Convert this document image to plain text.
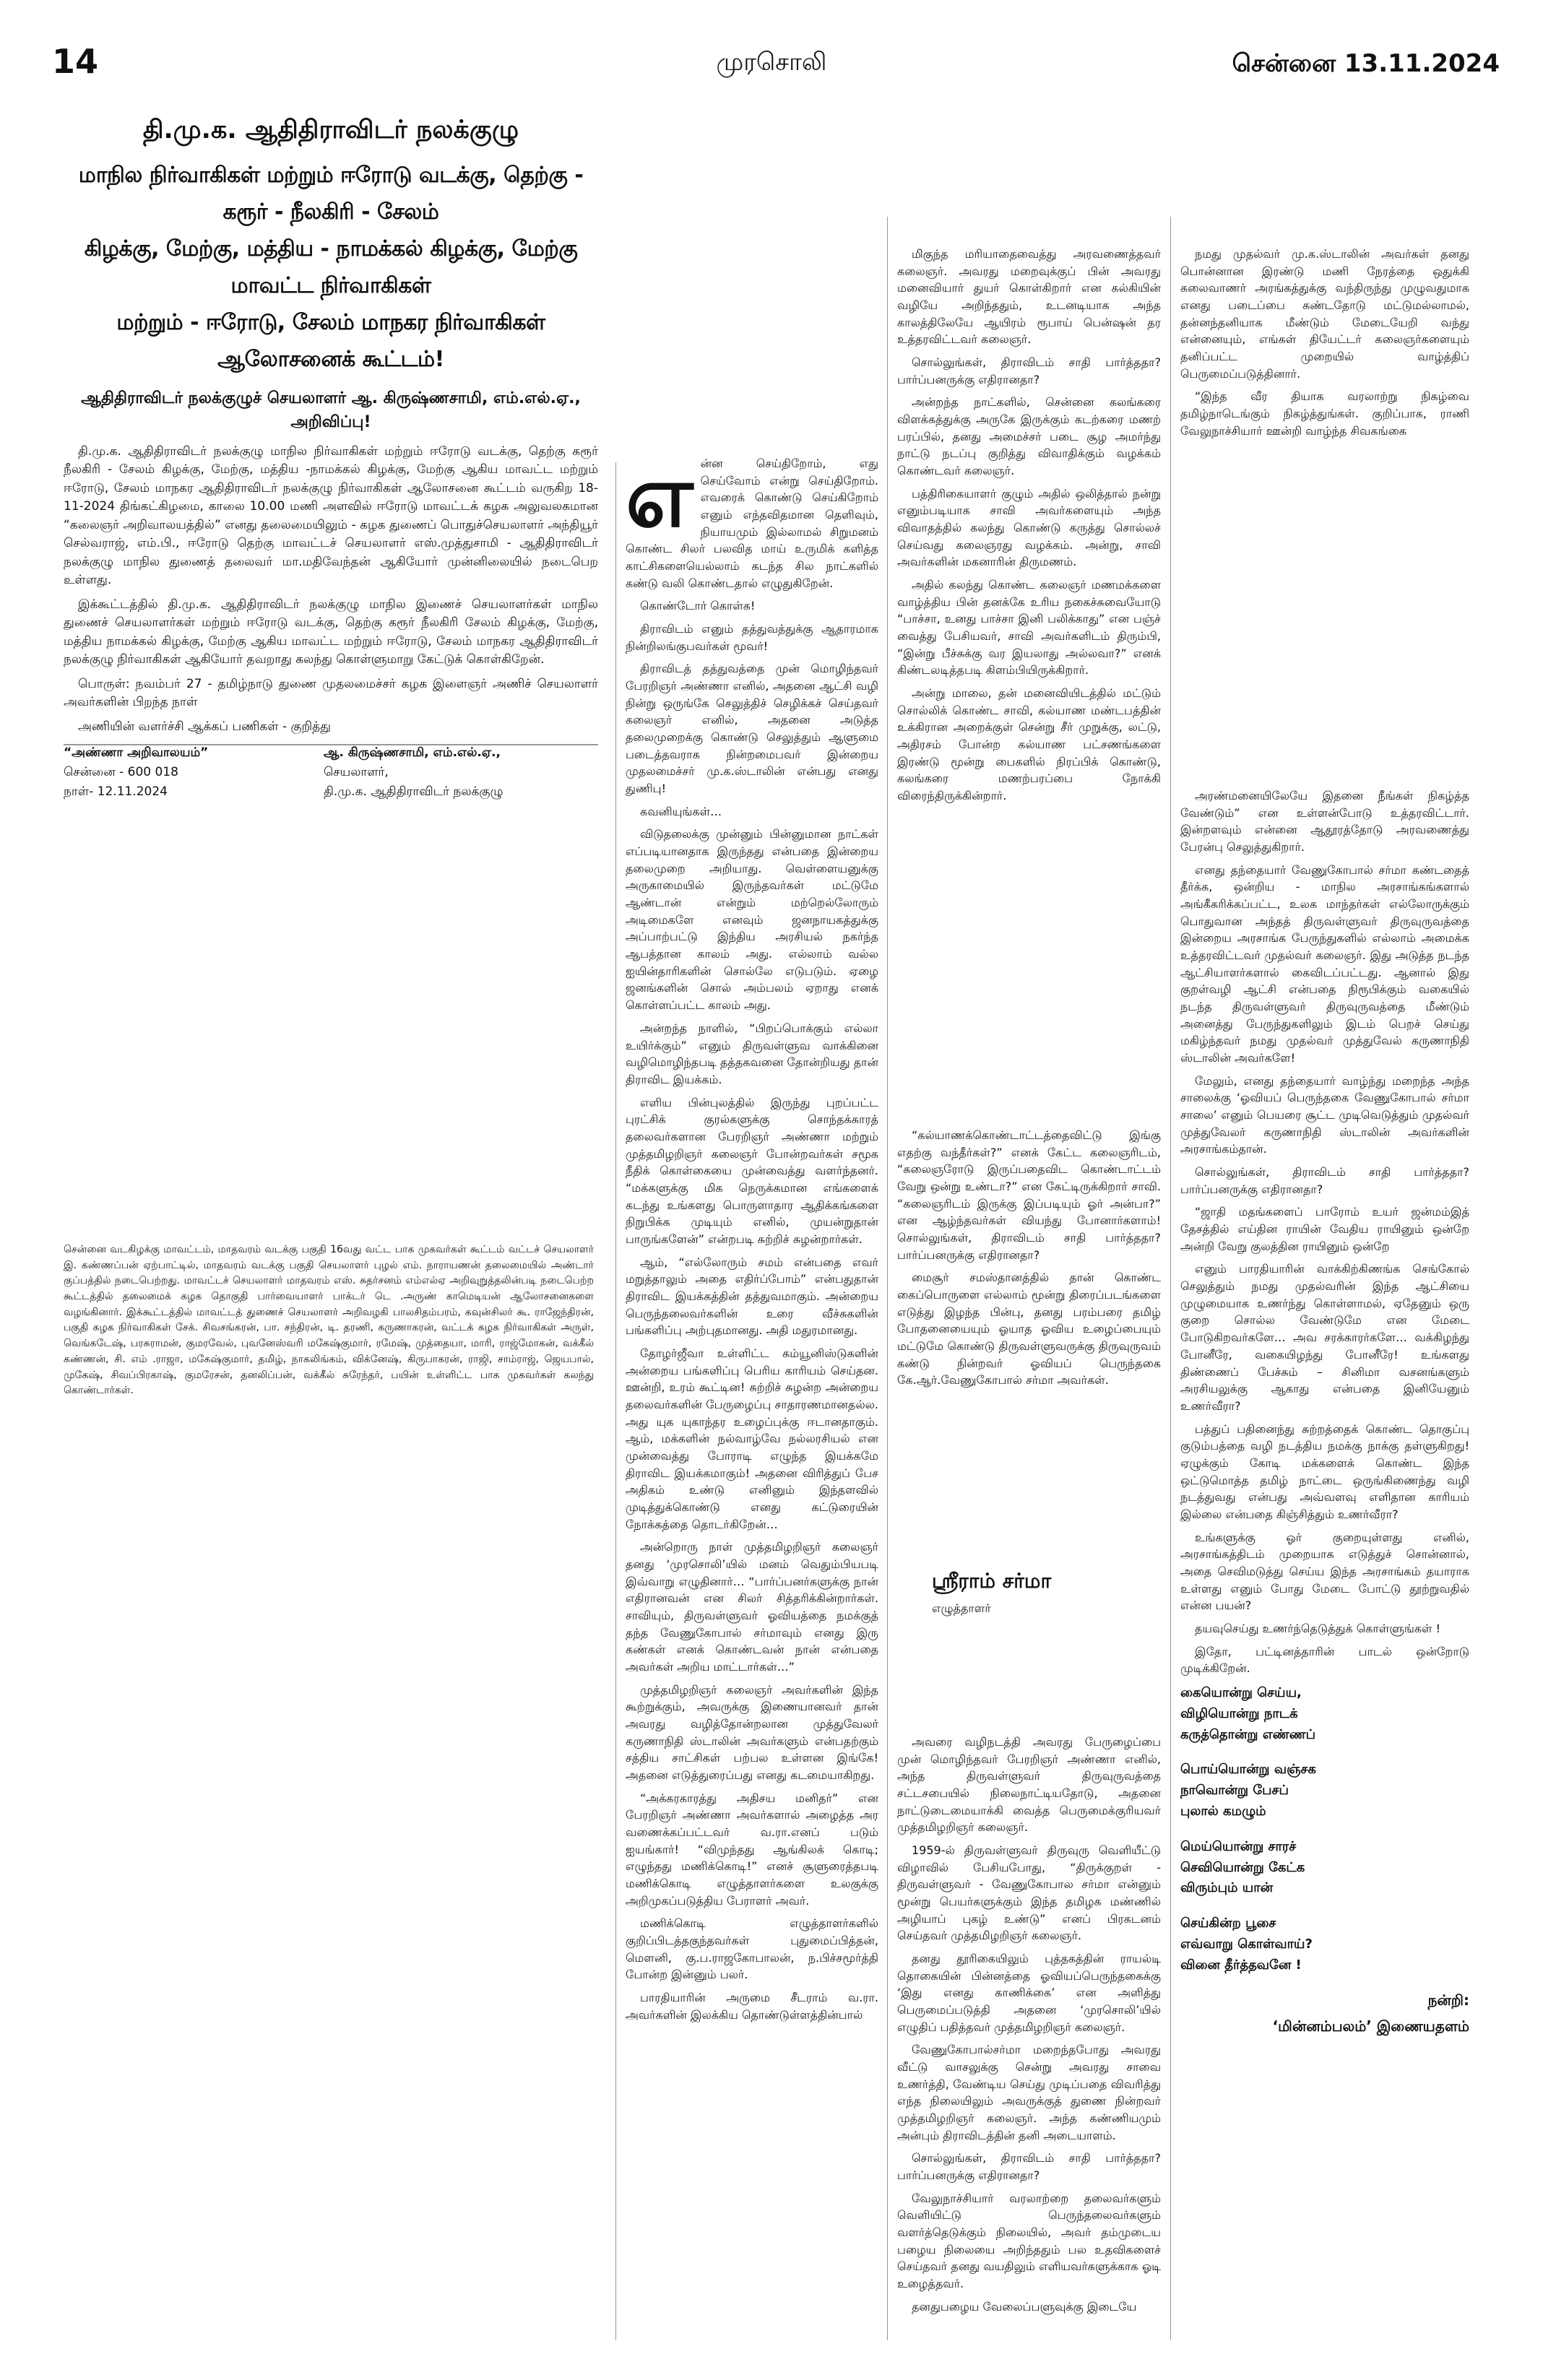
14	முரசொலி	சென்னை 13.11.2024
தி.மு.க. ஆதிதிராவிடர் நலக்குழு
மாநில நிர்வாகிகள் மற்றும் ஈரோடு வடக்கு, தெற்கு - கரூர் - நீலகிரி - சேலம்
கிழக்கு, மேற்கு, மத்திய - நாமக்கல் கிழக்கு, மேற்கு மாவட்ட நிர்வாகிகள்
மற்றும் - ஈரோடு, சேலம் மாநகர நிர்வாகிகள் ஆலோசனைக் கூட்டம்!
ஆதிதிராவிடர் நலக்குழுச் செயலாளர் ஆ. கிருஷ்ணசாமி, எம்.எல்.ஏ., அறிவிப்பு!

தி.மு.க. ஆதிதிராவிடர் நலக்குழு மாநில நிர்வாகிகள் மற்றும் ஈரோடு வடக்கு, தெற்கு கரூர் நீலகிரி - சேலம் கிழக்கு, மேற்கு, மத்திய -நாமக்கல் கிழக்கு, மேற்கு ஆகிய மாவட்ட மற்றும் ஈரோடு, சேலம் மாநகர ஆதிதிராவிடர் நலக்குழு நிர்வாகிகள் ஆலோசனை கூட்டம் வருகிற 18-11-2024 திங்கட்கிழமை, காலை 10.00 மணி அளவில் ஈரோடு மாவட்டக் கழக அலுவலகமான “கலைஞர் அறிவாலயத்தில்” எனது தலைமையிலும் - கழக துணைப் பொதுச்செயலாளர் அந்தியூர் செல்வராஜ், எம்.பி., ஈரோடு தெற்கு மாவட்டச் செயலாளர் எஸ்.முத்துசாமி - ஆதிதிராவிடர் நலக்குழு மாநில துணைத் தலைவர் மா.மதிவேந்தன் ஆகியோர் முன்னிலையில் நடைபெற உள்ளது.

இக்கூட்டத்தில் தி.மு.க. ஆதிதிராவிடர் நலக்குழு மாநில இணைச் செயலாளர்கள் மாநில துணைச் செயலாளர்கள் மற்றும் ஈரோடு வடக்கு, தெற்கு கரூர் நீலகிரி சேலம் கிழக்கு, மேற்கு, மத்திய நாமக்கல் கிழக்கு, மேற்கு ஆகிய மாவட்ட மற்றும் ஈரோடு, சேலம் மாநகர ஆதிதிராவிடர் நலக்குழு நிர்வாகிகள் ஆகியோர் தவறாது கலந்து கொள்ளுமாறு கேட்டுக் கொள்கிறேன்.

பொருள்: நவம்பர் 27 - தமிழ்நாடு துணை முதலமைச்சர் கழக இளைஞர் அணிச் செயலாளர் அவர்களின் பிறந்த நாள்

அணியின் வளர்ச்சி ஆக்கப் பணிகள் - குறித்து

“அண்ணா அறிவாலயம்”
சென்னை - 600 018
நாள்- 12.11.2024
ஆ. கிருஷ்ணசாமி, எம்.எல்.ஏ.,
செயலாளர்,
தி.மு.க. ஆதிதிராவிடர் நலக்குழு
சென்னை வடகிழக்கு மாவட்டம், மாதவரம் வடக்கு பகுதி 16வது வட்ட பாக முகவர்கள் கூட்டம் வட்டச் செயலாளர் இ. கண்ணப்பன் ஏற்பாட்டில், மாதவரம் வடக்கு பகுதி செயலாளர் புழல் எம். நாராயணன் தலைமையில் அண்டார் குப்பத்தில் நடைபெற்றது. மாவட்டச் செயலாளர் மாதவரம் எஸ். சுதர்சனம் எம்எல்ஏ அறிவுறுத்தலின்படி நடைபெற்ற கூட்டத்தில் தலைமைக் கழக தொகுதி பார்வையாளர் பாக்டர் டெ .அருண் காமெடியன் ஆலோசனைகளை வழங்கினார். இக்கூட்டத்தில் மாவட்டத் துணைச் செயலாளர் அறிவழகி பாலசிதம்பரம், கவுன்சிலர் கூ. ராஜேந்திரன், பகுதி கழக நிர்வாகிகள் சேக். சிவசங்கரன், பா. சந்திரன், டி. தரணி, கருணாகரன், வட்டக் கழக நிர்வாகிகள் அருள், வெங்கடேஷ், பரசுராமன், குமரவேல், புவனேஸ்வரி மகேஷ்குமார், ரமேஷ், முத்தையா, மாரி, ராஜ்மோகன், வக்கீல் கண்ணன், சி. எம் .ராஜா, மகேஷ்குமார், தமிழ், நாகலிங்கம், விக்னேஷ், கிருபாகரன், ராஜி, சாம்ராஜ், ஜெயபால், முகேஷ், சிவப்பிரகாஷ், குமரேசன், தனலிப்பன், வக்கீல் சுரேந்தர், பயின் உள்ளிட்ட பாக முகவர்கள் கலந்து கொண்டார்கள்.

என்ன செய்திறோம், எது செய்வோம் என்று செய்திறோம். எவரைக் கொண்டு செய்கிறோம் எனும் எந்தவிதமான தெளிவும், நியாயமும் இல்லாமல் சிறுமனம் கொண்ட சிலர் பலவித மாய் உருமிக் களித்த காட்சிகளையெல்லாம் கடந்த சில நாட்களில் கண்டு வலி கொண்டதால் எழுதுகிறேன்.

கொண்டோர் கொள்க!

திராவிடம் எனும் தத்துவத்துக்கு ஆதாரமாக நின்றிலங்குபவர்கள் மூவர்!

திராவிடத் தத்துவத்தை முன் மொழிந்தவர் பேரறிஞர் அண்ணா எனில், அதனை ஆட்சி வழி நின்று ஒருங்கே செலுத்திச் செழிக்கச் செய்தவர் கலைஞர் எனில், அதனை அடுத்த தலைமுறைக்கு கொண்டு செலுத்தும் ஆளுமை படைத்தவராக நின்றமைபவர் இன்றைய முதலமைச்சர் மு.க.ஸ்டாலின் என்பது எனது துணிபு!

கவனியுங்கள்…

விடுதலைக்கு முன்னும் பின்னுமான நாட்கள் எப்படியானதாக இருந்தது என்பதை இன்றைய தலைமுறை அறியாது. வெள்ளையனுக்கு அருகாமையில் இருந்தவர்கள் மட்டுமே ஆண்டான் என்றும் மற்றெல்லோரும் அடிமைகளே எனவும் ஜனநாயகத்துக்கு அப்பாற்பட்டு இந்திய அரசியல் நகர்ந்த ஆபத்தான காலம் அது. எல்லாம் வல்ல ஐயின்தாரிகளின் சொல்லே எடுபடும். ஏழை ஜனங்களின் சொல் அம்பலம் ஏறாது எனக் கொள்ளப்பட்ட காலம் அது.

அன்றந்த நாளில், “பிறப்பொக்கும் எல்லா உயிர்க்கும்” எனும் திருவள்ளுவ வாக்கினை வழிமொழிந்தபடி தத்தகவனை தோன்றியது தான் திராவிட இயக்கம்.

எளிய பின்புலத்தில் இருந்து புறப்பட்ட புரட்சிக் குரல்களுக்கு சொந்தக்காரத் தலைவர்களான பேரறிஞர் அண்ணா மற்றும் முத்தமிழறிஞர் கலைஞர் போன்றவர்கள் சமூக நீதிக் கொள்கையை முன்வைத்து வளர்ந்தனர். “மக்களுக்கு மிக நெருக்கமான எங்களைக் கடந்து உங்களது பொருளாதார ஆதிக்கங்களை நிறுபிக்க முடியும் எனில், முயன்றுதான் பாருங்களேன்” என்றபடி சுற்றிச் சுழன்றார்கள்.

ஆம், “எல்லோரும் சமம் என்பதை எவர் மறுத்தாலும் அதை எதிர்ப்போம்” என்பதுதான் திராவிட இயக்கத்தின் தத்துவமாகும். அன்றைய பெருந்தலைவர்களின் உரை வீச்சுகளின் பங்களிப்பு அற்புதமானது. அதி மதுரமானது.

தோழர்ஜீவா உள்ளிட்ட கம்யூனிஸ்டுகளின் அன்றைய பங்களிப்பு பெரிய காரியம் செய்தன. ஊன்றி, உரம் கூட்டின! சுற்றிச் சுழன்ற அன்றைய தலைவர்களின் பேருழைப்பு சாதாரணமானதல்ல. அது யுக யுகாந்தர உழைப்புக்கு ஈடானதாகும். ஆம், மக்களின் நல்வாழ்வே நல்லரசியல் என முன்வைத்து போராடி எழுந்த இயக்கமே திராவிட இயக்கமாகும்! அதனை விரித்துப் பேச அதிகம் உண்டு எனினும் இந்தளவில் முடித்துக்கொண்டு எனது கட்டுரையின் நோக்கத்தை தொடர்கிறேன்…

அன்றொரு நாள் முத்தமிழறிஞர் கலைஞர் தனது ‘முரசொலி’யில் மனம் வெதும்பியபடி இவ்வாறு எழுதினார்… “பார்ப்பனர்களுக்கு நான் எதிரானவன் என சிலர் சித்தரிக்கின்றார்கள். சாவியும், திருவள்ளுவர் ஓவியத்தை நமக்குத் தந்த வேணுகோபால் சர்மாவும் எனது இரு கண்கள் எனக் கொண்டவன் நான் என்பதை அவர்கள் அறிய மாட்டார்கள்…”

முத்தமிழறிஞர் கலைஞர் அவர்களின் இந்த கூற்றுக்கும், அவருக்கு இணையானவர் தான் அவரது வழித்தோன்றலான முத்துவேலர் கருணாநிதி ஸ்டாலின் அவர்களும் என்பதற்கும் சத்திய சாட்சிகள் பற்பல உள்ளன இங்கே! அதனை எடுத்துரைப்பது எனது கடமையாகிறது.

“அக்கரகாரத்து அதிசய மனிதர்” என பேரறிஞர் அண்ணா அவர்களால் அழைத்த அர வணைக்கப்பட்டவர் வ.ரா.எனப் படும் ஐயங்கார்! “விமுந்தது ஆங்கிலக் கொடி; எழுந்தது மணிக்கொடி!” எனச் சூளுரைத்தபடி மணிக்கொடி எழுத்தாளர்களை உலகுக்கு அறிமுகப்படுத்திய பேராளர் அவர்.

மணிக்கொடி எழுத்தாளர்களில் குறிப்பிடத்தகுந்தவர்கள் புதுமைப்பித்தன், மௌனி, கு.ப.ராஜகோபாலன், ந.பிச்சமூர்த்தி போன்ற இன்னும் பலர்.

பாரதியாரின் அருமை சீடராம் வ.ரா. அவர்களின் இலக்கிய தொண்டுள்ளத்தின்பால்

மிகுந்த மரியாதைவைத்து அரவணைத்தவர் கலைஞர். அவரது மறைவுக்குப் பின் அவரது மனைவியார் துயர் கொள்கிறார் என கல்கியின் வழியே அறிந்ததும், உடனடியாக அந்த காலத்திலேயே ஆயிரம் ரூபாய் பென்ஷன் தர உத்தரவிட்டவர் கலைஞர்.

சொல்லுங்கள், திராவிடம் சாதி பார்த்ததா? பார்ப்பனருக்கு எதிரானதா?

அன்றந்த நாட்களில், சென்னை கலங்கரை விளக்கத்துக்கு அருகே இருக்கும் கடற்கரை மணற் பரப்பில், தனது அமைச்சர் படை சூழ அமர்ந்து நாட்டு நடப்பு குறித்து விவாதிக்கும் வழக்கம் கொண்டவர் கலைஞர்.

பத்திரிகையாளர் குழும் அதில் ஒலித்தால் நன்று எனும்படியாக சாவி அவர்களையும் அந்த விவாதத்தில் கலந்து கொண்டு கருத்து சொல்லச் செய்வது கலைஞரது வழக்கம். அன்று, சாவி அவர்களின் மகனாரின் திருமணம்.

அதில் கலந்து கொண்ட கலைஞர் மணமக்களை வாழ்த்திய பின் தனக்கே உரிய நகைச்சுவையோடு “பாச்சா, உனது பாச்சா இனி பலிக்காது” என பஞ்ச் வைத்து பேசியவர், சாவி அவர்களிடம் திரும்பி, “இன்று பீச்சுக்கு வர இயலாது அல்லவா?” எனக் கிண்டலடித்தபடி கிளம்பியிருக்கிறார்.

அன்று மாலை, தன் மனைவியிடத்தில் மட்டும் சொல்லிக் கொண்ட சாவி, கல்யாண மண்டபத்தின் உக்கிரான அறைக்குள் சென்று சீர் முறுக்கு, லட்டு, அதிரசம் போன்ற கல்யாண பட்சணங்களை இரண்டு மூன்று பைகளில் நிரப்பிக் கொண்டு, கலங்கரை மணற்பரப்பை நோக்கி விரைந்திருக்கின்றார்.

“கல்யாணக்கொண்டாட்டத்தைவிட்டு இங்கு எதற்கு வந்தீர்கள்?” எனக் கேட்ட கலைஞரிடம், “கலைஞரோடு இருப்பதைவிட கொண்டாட்டம் வேறு ஒன்று உண்டா?” என கேட்டிருக்கிறார் சாவி. “கலைஞரிடம் இருக்கு இப்படியும் ஓர் அன்பா?” என ஆழ்ந்தவர்கள் வியந்து போனார்களாம்! சொல்லுங்கள், திராவிடம் சாதி பார்த்ததா? பார்ப்பனருக்கு எதிரானதா?

மைசூர் சமஸ்தானத்தில் தான் கொண்ட கைப்பொருளை எல்லாம் மூன்று திரைப்படங்களை எடுத்து இழந்த பின்பு, தனது பரம்பரை தமிழ் போதனையையும் ஓயாத ஓவிய உழைப்பையும் மட்டுமே கொண்டு திருவள்ளுவருக்கு திருவுருவம் கண்டு நின்றவர் ஓவியப் பெருந்தகை கே.ஆர்.வேணுகோபால் சர்மா அவர்கள்.

ஸ்ரீராம் சர்மா
எழுத்தாளர்

அவரை வழிநடத்தி அவரது பேருழைப்பை முன் மொழிந்தவர் பேரறிஞர் அண்ணா எனில், அந்த திருவள்ளுவர் திருவுருவத்தை சட்டசபையில் நிலைநாட்டியதோடு, அதனை நாட்டுடைமையாக்கி வைத்த பெருமைக்குரியவர் முத்தமிழறிஞர் கலைஞர்.

1959-ல் திருவள்ளுவர் திருவுரு வெளியீட்டு விழாவில் பேசியபோது, “திருக்குறள் - திருவள்ளுவர் - வேணுகோபால சர்மா என்னும் மூன்று பெயர்களுக்கும் இந்த தமிழக மண்ணில் அழியாப் புகழ் உண்டு” எனப் பிரகடனம் செய்தவர் முத்தமிழறிஞர் கலைஞர்.

தனது தூரிகையிலும் புத்தகத்தின் ராயல்டி தொகையின் பின்னத்தை ஓவியப்பெருந்தகைக்கு ‘இது எனது காணிக்கை’ என அளித்து பெருமைப்படுத்தி அதனை ‘முரசொலி’யில் எழுதிப் பதித்தவர் முத்தமிழறிஞர் கலைஞர்.

வேணுகோபால்சர்மா மறைந்தபோது அவரது வீட்டு வாசலுக்கு சென்று அவரது சாவை உணர்த்தி, வேண்டிய செய்து முடிப்பதை விவரித்து எந்த நிலையிலும் அவருக்குத் துணை நின்றவர் முத்தமிழறிஞர் கலைஞர். அந்த கண்ணியமும் அன்பும் திராவிடத்தின் தனி அடையாளம்.

சொல்லுங்கள், திராவிடம் சாதி பார்த்ததா? பார்ப்பனருக்கு எதிரானதா?

வேலுநாச்சியார் வரலாற்றை தலைவர்களும் வெளியிட்டு பெருந்தலைவர்களும் வளர்த்தெடுக்கும் நிலையில், அவர் தம்முடைய பழைய நிலையை அறிந்ததும் பல உதவிகளைச் செய்தவர் தனது வயதிலும் எளியவர்களுக்காக ஓடி உழைத்தவர்.

தனதுபழைய வேலைப்பளுவுக்கு இடையே

நமது முதல்வர் மு.க.ஸ்டாலின் அவர்கள் தனது பொன்னான இரண்டு மணி நேரத்தை ஒதுக்கி கலைவாணர் அரங்கத்துக்கு வந்திருந்து முழுவதுமாக எனது படைப்பை கண்டதோடு மட்டுமல்லாமல், தன்னந்தனியாக மீண்டும் மேடையேறி வந்து என்னையும், எங்கள் தியேட்டர் கலைஞர்களையும் தனிப்பட்ட முறையில் வாழ்த்திப் பெருமைப்படுத்தினார்.

“இந்த வீர தியாக வரலாற்று நிகழ்வை தமிழ்நாடெங்கும் நிகழ்த்துங்கள். குறிப்பாக, ராணி வேலுநாச்சியார் ஊன்றி வாழ்ந்த சிவகங்கை

அரண்மனையிலேயே இதனை நீங்கள் நிகழ்த்த வேண்டும்” என உள்ளன்போடு உத்தரவிட்டார். இன்றளவும் என்னை ஆதூரத்தோடு அரவணைத்து பேரன்பு செலுத்துகிறார்.

எனது தந்தையார் வேணுகோபால் சர்மா கண்டதைத் தீர்க்க, ஒன்றிய - மாநில அரசாங்கங்களால் அங்கீகரிக்கப்பட்ட, உலக மாந்தர்கள் எல்லோருக்கும் பொதுவான அந்தத் திருவள்ளுவர் திருவுருவத்தை இன்றைய அரசாங்க பேருந்துகளில் எல்லாம் அமைக்க உத்தரவிட்டவர் முதல்வர் கலைஞர். இது அடுத்த நடந்த ஆட்சியாளர்களால் கைவிடப்பட்டது. ஆனால் இது குறள்வழி ஆட்சி என்பதை நிரூபிக்கும் வகையில் நடந்த திருவள்ளுவர் திருவுருவத்தை மீண்டும் அனைத்து பேருந்துகளிலும் இடம் பெறச் செய்து மகிழ்ந்தவர் நமது முதல்வர் முத்துவேல் கருணாநிதி ஸ்டாலின் அவர்களே!

மேலும், எனது தந்தையார் வாழ்ந்து மறைந்த அந்த சாலைக்கு ‘ஓவியப் பெருந்தகை வேணுகோபால் சர்மா சாலை’ எனும் பெயரை சூட்ட முடிவெடுத்தும் முதல்வர் முத்துவேலர் கருணாநிதி ஸ்டாலின் அவர்களின் அரசாங்கம்தான்.

சொல்லுங்கள், திராவிடம் சாதி பார்த்ததா? பார்ப்பனருக்கு எதிரானதா?

“ஜாதி மதங்களைப் பாரோம் உயர் ஜன்மம்இத் தேசத்தில் எய்தின ராயின் வேதிய ராயினும் ஒன்றே அன்றி வேறு குலத்தின ராயினும் ஒன்றே

எனும் பாரதியாரின் வாக்கிற்கிணங்க செங்கோல் செலுத்தும் நமது முதல்வரின் இந்த ஆட்சியை முழுமையாக உணர்ந்து கொள்ளாமல், ஏதேனும் ஒரு குறை சொல்ல வேண்டுமே என மேடை போடுகிறவர்களே… அவ சரக்காரர்களே… வக்கிழந்து போனீரே, வகையிழந்து போனீரே! உங்களது திண்ணைப் பேச்சும் – சினிமா வசனங்களும் அரசியலுக்கு ஆகாது என்பதை இனியேனும் உணர்வீரா?

பத்துப் பதினைந்து சுற்றத்தைக் கொண்ட தொகுப்பு குடும்பத்தை வழி நடத்திய நமக்கு நாக்கு தள்ளுகிறது! ஏழுக்கும் கோடி மக்களைக் கொண்ட இந்த ஒட்டுமொத்த தமிழ் நாட்டை ஒருங்கிணைந்து வழி நடத்துவது என்பது அவ்வளவு எளிதான காரியம் இல்லை என்பதை கிஞ்சித்தும் உணர்வீரா?

உங்களுக்கு ஓர் குறையுள்ளது எனில், அரசாங்கத்திடம் முறையாக எடுத்துச் சொன்னால், அதை செவிமடுத்து செய்ய இந்த அரசாங்கம் தயாராக உள்ளது எனும் போது மேடை போட்டு தூற்றுவதில் என்ன பயன்?

தயவுசெய்து உணர்ந்தெடுத்துக் கொள்ளுங்கள் !

இதோ, பட்டினத்தாரின் பாடல் ஒன்றோடு முடிக்கிறேன்.

கையொன்று செய்ய,
விழியொன்று நாடக்
கருத்தொன்று எண்ணப்
பொய்யொன்று வஞ்சக
நாவொன்று பேசப்
புலால் கமழும்
மெய்யொன்று சாரச்
செவியொன்று கேட்க
விரும்பும் யான்
செய்கின்ற பூசை
எவ்வாறு கொள்வாய்?
வினை தீர்த்தவனே !
நன்றி:
‘மின்னம்பலம்’ இணையதளம்
